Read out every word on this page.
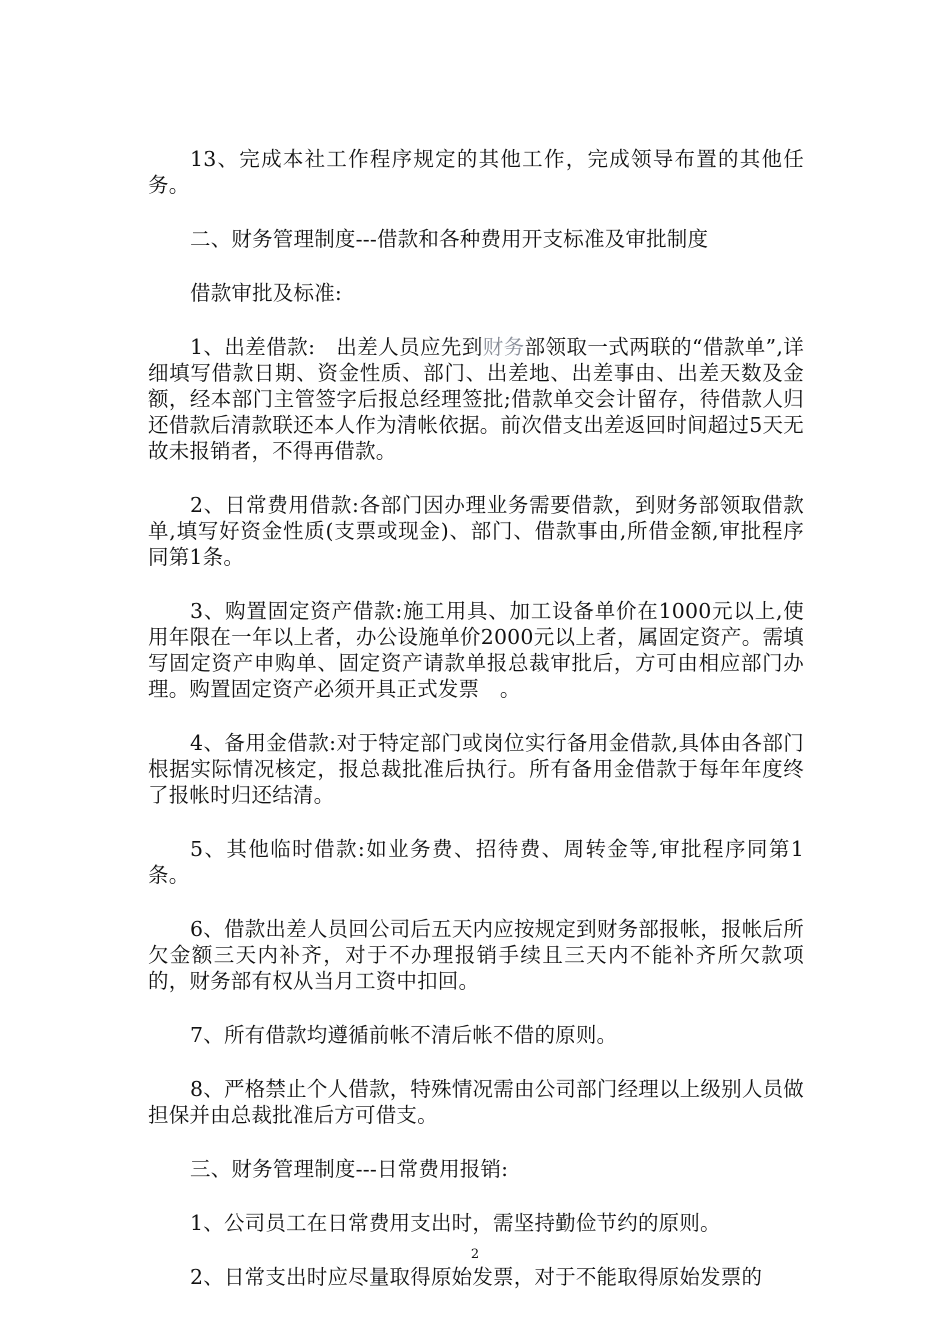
13、完成本社工作程序规定的其他工作，完成领导布置的其他任务。

二、财务管理制度---借款和各种费用开支标准及审批制度

借款审批及标准:

1、出差借款:　出差人员应先到财务部领取一式两联的“借款单”,详细填写借款日期、资金性质、部门、出差地、出差事由、出差天数及金额，经本部门主管签字后报总经理签批;借款单交会计留存，待借款人归还借款后清款联还本人作为清帐依据。前次借支出差返回时间超过5天无故未报销者，不得再借款。

2、日常费用借款:各部门因办理业务需要借款，到财务部领取借款单,填写好资金性质(支票或现金)、部门、借款事由,所借金额,审批程序同第1条。

3、购置固定资产借款:施工用具、加工设备单价在1000元以上,使用年限在一年以上者，办公设施单价2000元以上者，属固定资产。需填写固定资产申购单、固定资产请款单报总裁审批后，方可由相应部门办理。购置固定资产必须开具正式发票　。

4、备用金借款:对于特定部门或岗位实行备用金借款,具体由各部门根据实际情况核定，报总裁批准后执行。所有备用金借款于每年年度终了报帐时归还结清。

5、其他临时借款:如业务费、招待费、周转金等,审批程序同第1条。

6、借款出差人员回公司后五天内应按规定到财务部报帐，报帐后所欠金额三天内补齐，对于不办理报销手续且三天内不能补齐所欠款项的，财务部有权从当月工资中扣回。

7、所有借款均遵循前帐不清后帐不借的原则。

8、严格禁止个人借款，特殊情况需由公司部门经理以上级别人员做担保并由总裁批准后方可借支。

三、财务管理制度---日常费用报销:

1、公司员工在日常费用支出时，需坚持勤俭节约的原则。

2、日常支出时应尽量取得原始发票，对于不能取得原始发票的

2
